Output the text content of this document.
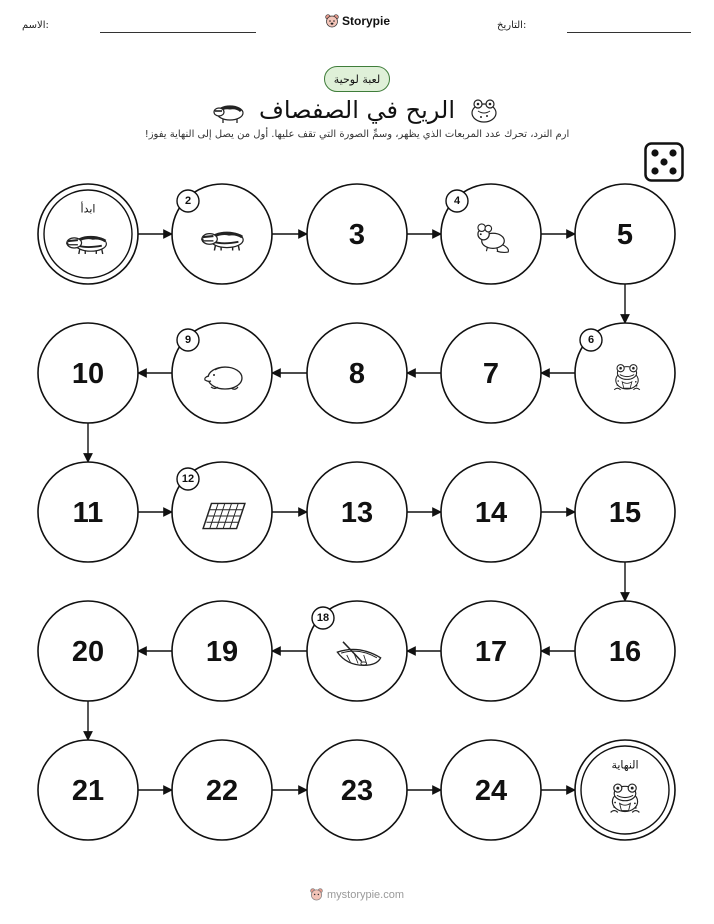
الاسم:	Storypie	التاريخ:
لعبة لوحية
الريح في الصفصاف
ارم النرد، تحرك عدد المربعات الذي يظهر، وسمِّ الصورة التي تقف عليها. أول من يصل إلى النهاية يفوز!
ابدأ
2
3
4
5
6
7
8
9
10
11
12
13	14	15
16
17
18
19
20
21	22	23	24
النهاية
mystorypie.com
